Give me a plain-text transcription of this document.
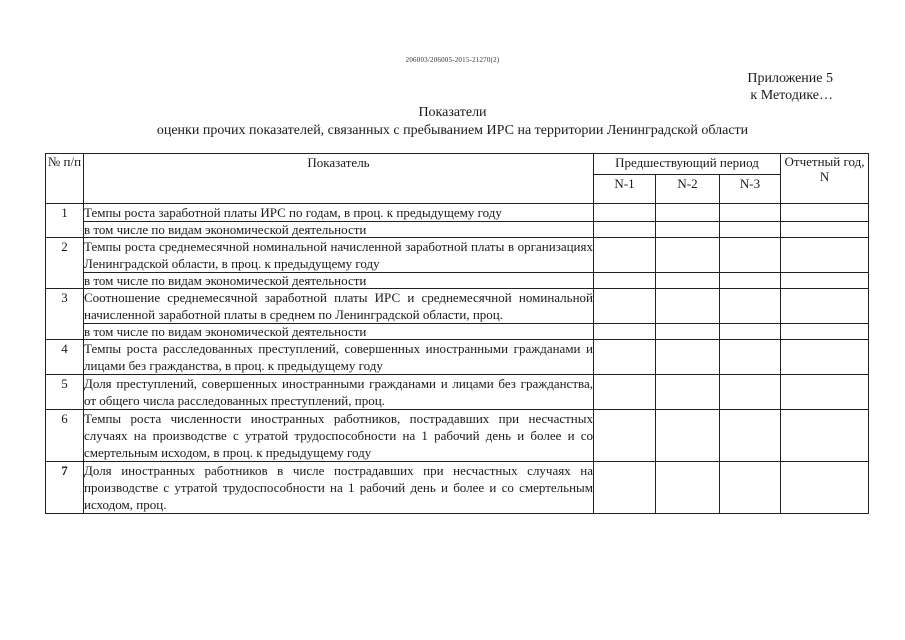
206003/206005-2015-21270(2)
Приложение 5
к Методике…
Показатели
оценки прочих показателей, связанных с пребыванием ИРС на территории Ленинградской области
№ п/п	Показатель	Предшествующий период			Отчетный год,
N

		N-1	N-2	N-3	
1	Темпы роста заработной платы ИРС по годам, в проц. к предыдущему году				
	в том числе по видам экономической деятельности				
2	Темпы роста среднемесячной номинальной начисленной заработной платы в организациях Ленинградской области, в проц. к предыдущему году				
	в том числе по видам экономической деятельности				
3	Соотношение среднемесячной заработной платы ИРС и среднемесячной номинальной начисленной заработной платы в среднем по Ленинградской области, проц.				
	в том числе по видам экономической деятельности				
4	Темпы роста расследованных преступлений, совершенных иностранными гражданами и лицами без гражданства, в проц. к предыдущему году				
5	Доля преступлений, совершенных иностранными гражданами и лицами без гражданства, от общего числа расследованных преступлений, проц.				
6	Темпы роста численности иностранных работников, пострадавших при несчастных случаях на производстве с утратой трудоспособности на 1 рабочий день и более и со смертельным исходом, в проц. к предыдущему году				
7	Доля иностранных работников в числе пострадавших при несчастных случаях на производстве с утратой трудоспособности на 1 рабочий день и более и со смертельным исходом, проц.				
